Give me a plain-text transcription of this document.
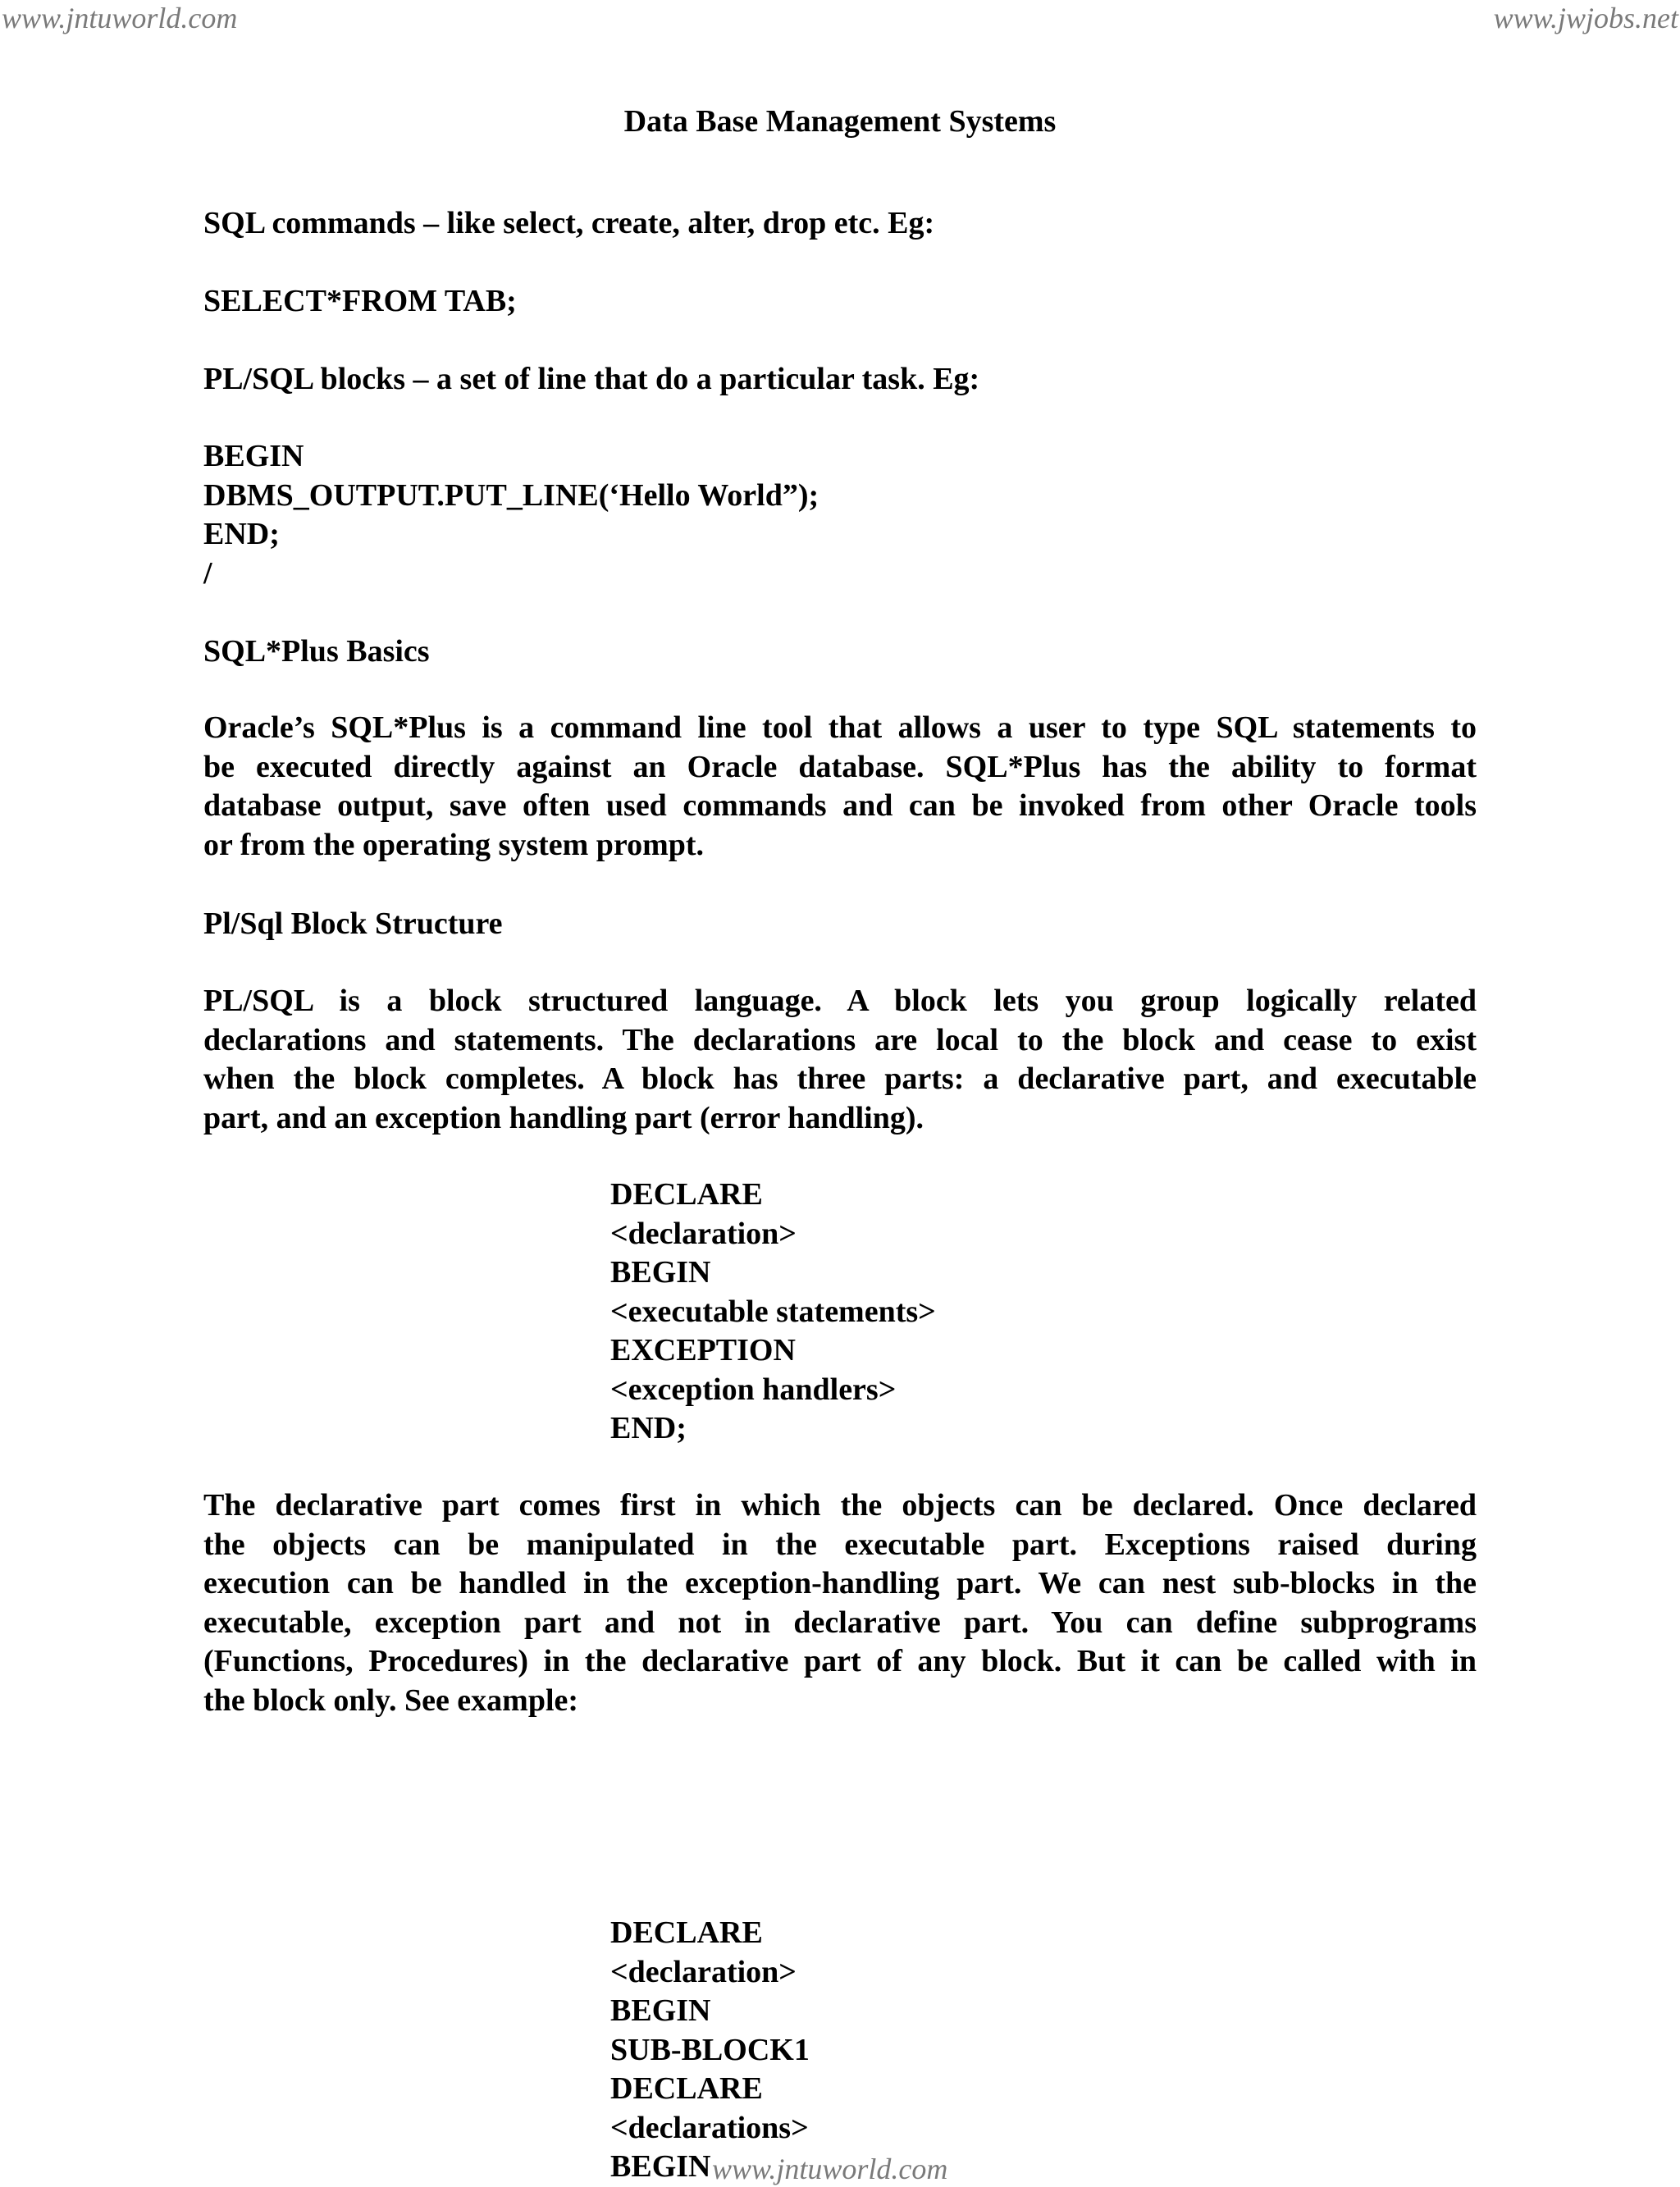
www.jntuworld.com	www.jwjobs.net
Data Base Management Systems
SQL commands – like select, create, alter, drop etc. Eg:
SELECT*FROM TAB;
PL/SQL blocks – a set of line that do a particular task. Eg:
BEGIN
DBMS_OUTPUT.PUT_LINE(‘Hello World”);
END;
/
SQL*Plus Basics
Oracle’s SQL*Plus is a command line tool that allows a user to type SQL statements to
be executed directly against an Oracle database. SQL*Plus has the ability to format
database output, save often used commands and can be invoked from other Oracle tools
or from the operating system prompt.
Pl/Sql Block Structure
PL/SQL is a block structured language. A block lets you group logically related
declarations and statements. The declarations are local to the block and cease to exist
when the block completes. A block has three parts: a declarative part, and executable
part, and an exception handling part (error handling).
DECLARE
<declaration>
BEGIN
<executable statements>
EXCEPTION
<exception handlers>
END;
The declarative part comes first in which the objects can be declared. Once declared
the objects can be manipulated in the executable part. Exceptions raised during
execution can be handled in the exception-handling part. We can nest sub-blocks in the
executable, exception part and not in declarative part. You can define subprograms
(Functions, Procedures) in the declarative part of any block. But it can be called with in
the block only. See example:
DECLARE
<declaration>
BEGIN
SUB-BLOCK1
DECLARE
<declarations>
BEGIN www.jntuworld.com
